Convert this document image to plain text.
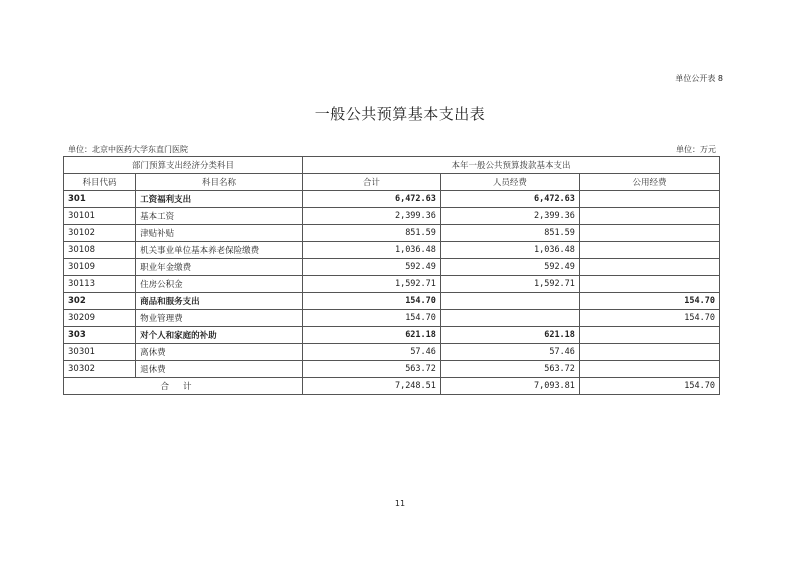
单位公开表 8
一般公共预算基本支出表
单位：北京中医药大学东直门医院	单位：万元
部门预算支出经济分类科目		本年一般公共预算拨款基本支出		
科目代码	科目名称	合计	人员经费	公用经费
301	工资福利支出	6,472.63	6,472.63	
30101	基本工资	2,399.36	2,399.36	
30102	津贴补贴	851.59	851.59	
30108	机关事业单位基本养老保险缴费	1,036.48	1,036.48	
30109	职业年金缴费	592.49	592.49	
30113	住房公积金	1,592.71	1,592.71	
302	商品和服务支出	154.70		154.70
30209	物业管理费	154.70		154.70
303	对个人和家庭的补助	621.18	621.18	
30301	离休费	57.46	57.46	
30302	退休费	563.72	563.72	
合计		7,248.51	7,093.81	154.70
11
